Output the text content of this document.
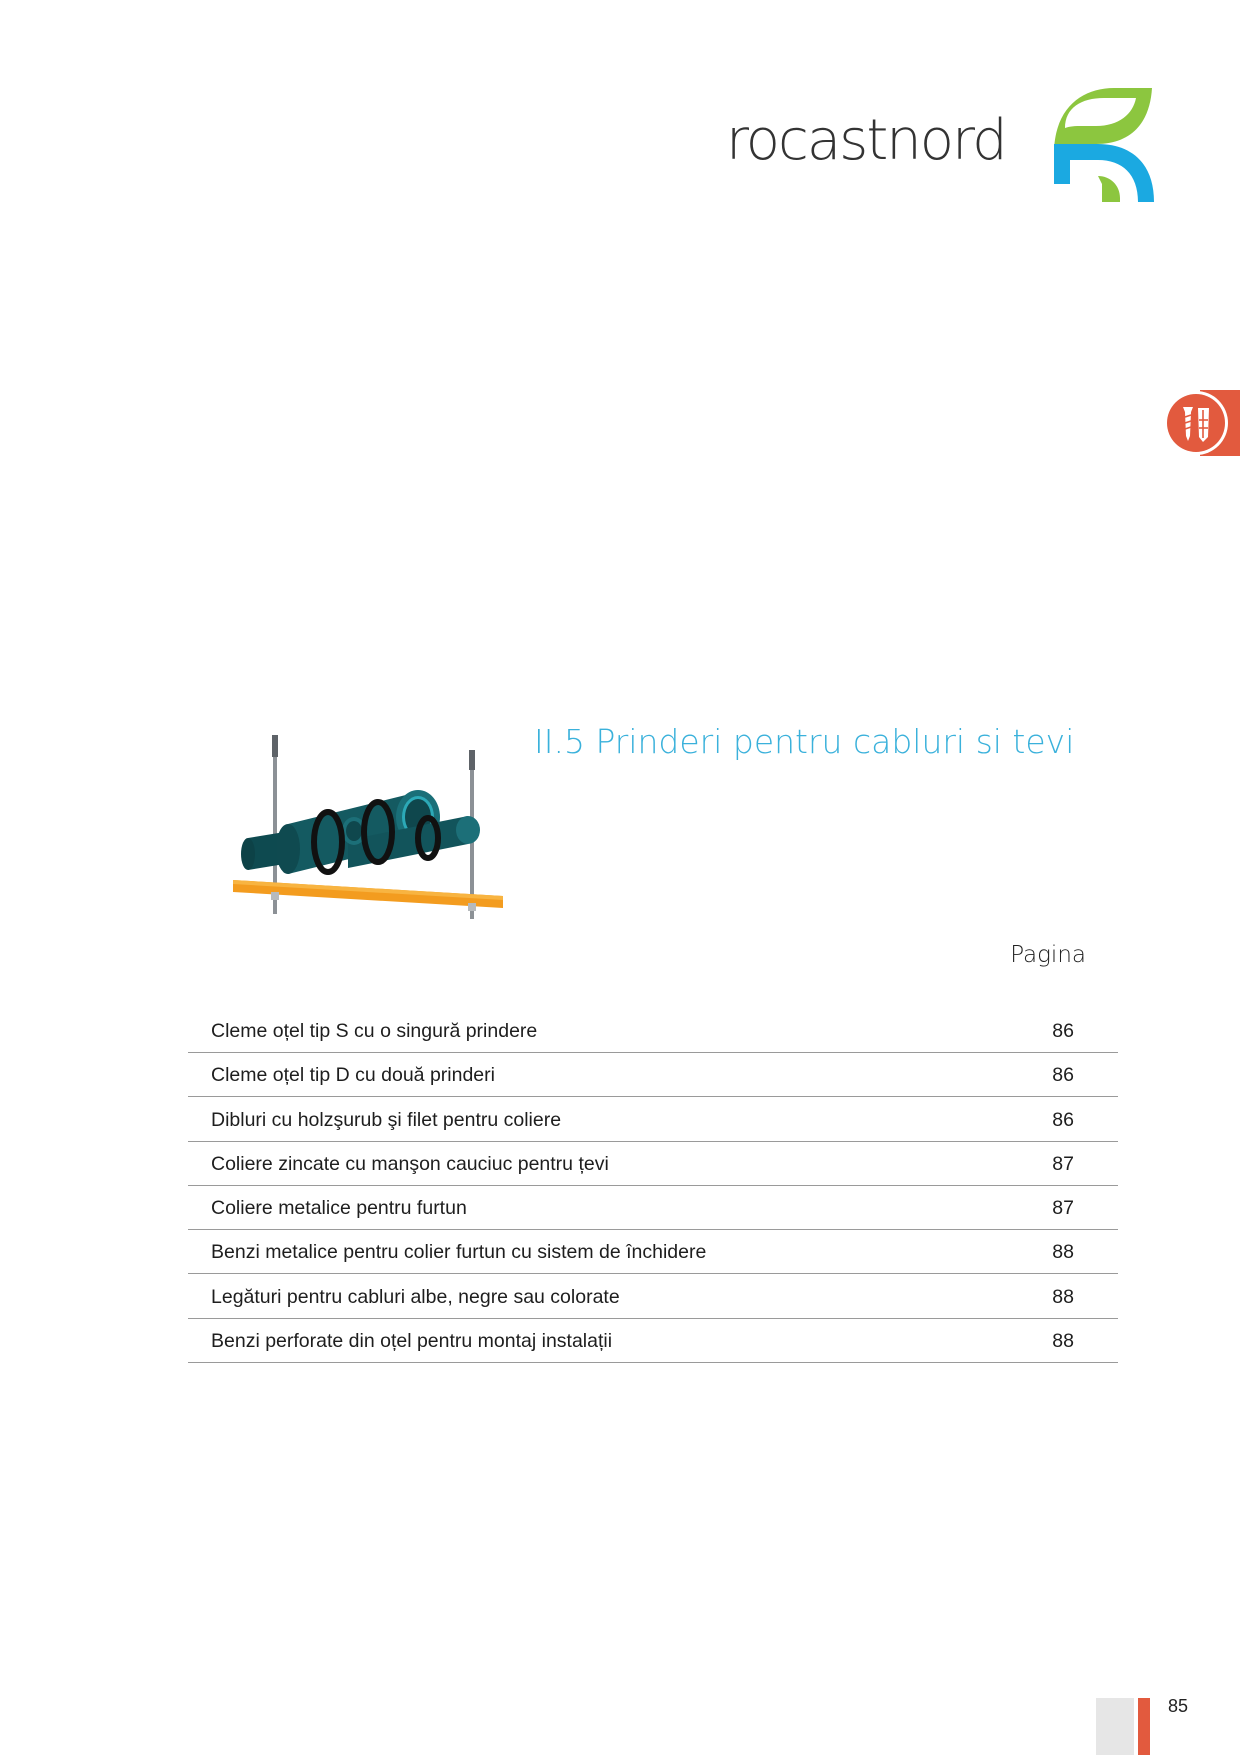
rocastnord
II.5 Prinderi pentru cabluri si tevi
Pagina
Cleme oțel tip S cu o singură prindere	86
Cleme oțel tip D cu două prinderi	86
Dibluri cu holzşurub şi filet pentru coliere	86
Coliere zincate cu manşon cauciuc pentru țevi	87
Coliere metalice pentru furtun	87
Benzi metalice pentru colier furtun cu sistem de închidere	88
Legături pentru cabluri albe, negre sau colorate	88
Benzi perforate din oțel pentru montaj instalații	88
85
